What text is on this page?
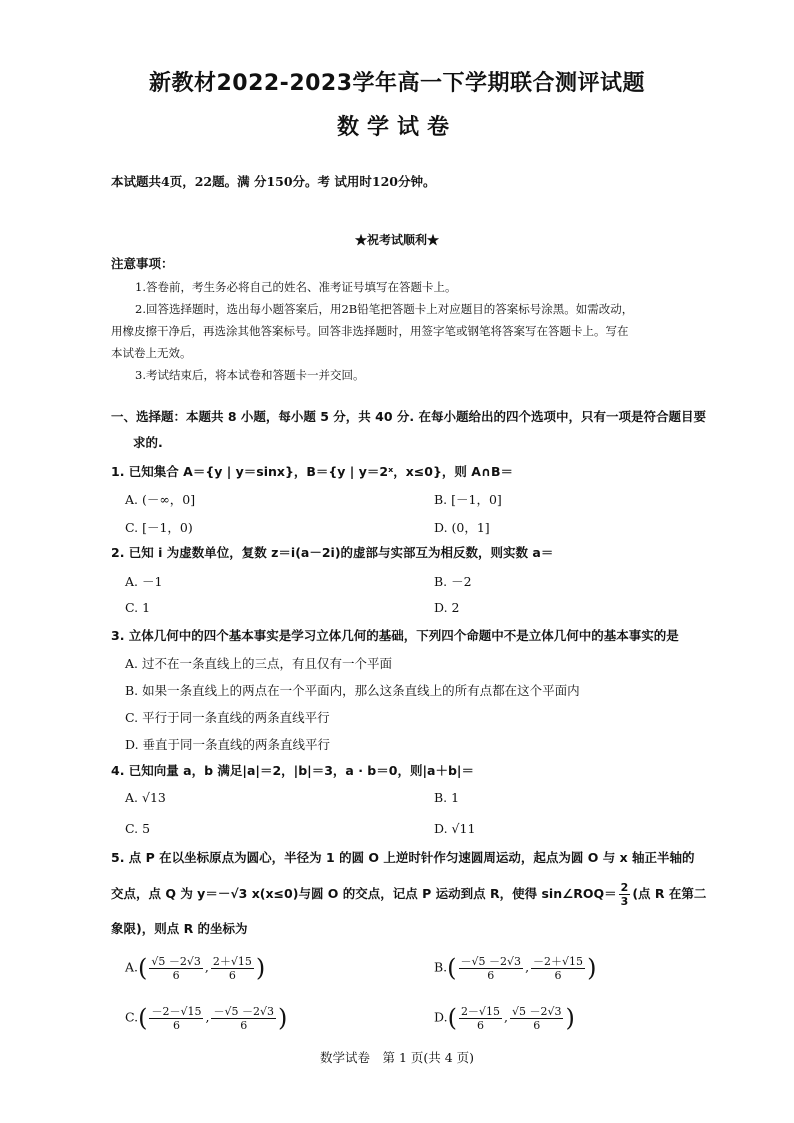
新教材2022-2023学年高一下学期联合测评试题
数学试卷
本试题共4页，22题。满 分150分。考 试用时120分钟。
★祝考试顺利★
注意事项：
1.答卷前，考生务必将自己的姓名、准考证号填写在答题卡上。
2.回答选择题时，选出每小题答案后，用2B铅笔把答题卡上对应题目的答案标号涂黑。如需改动，
用橡皮擦干净后，再选涂其他答案标号。回答非选择题时，用签字笔或钢笔将答案写在答题卡上。写在
本试卷上无效。
3.考试结束后，将本试卷和答题卡一并交回。
一、选择题：本题共 8 小题，每小题 5 分，共 40 分. 在每小题给出的四个选项中，只有一项是符合题目要
求的.
1. 已知集合 A＝{y | y＝sinx}，B＝{y | y＝2ˣ，x≤0}，则 A∩B＝
A. (－∞，0]	B. [－1，0]
C. [－1，0)	D. (0，1]
2. 已知 i 为虚数单位，复数 z＝i(a－2i)的虚部与实部互为相反数，则实数 a＝
A. －1	B. －2
C. 1	D. 2
3. 立体几何中的四个基本事实是学习立体几何的基础，下列四个命题中不是立体几何中的基本事实的是
A. 过不在一条直线上的三点，有且仅有一个平面
B. 如果一条直线上的两点在一个平面内，那么这条直线上的所有点都在这个平面内
C. 平行于同一条直线的两条直线平行
D. 垂直于同一条直线的两条直线平行
4. 已知向量 a，b 满足|a|＝2，|b|＝3，a · b＝0，则|a＋b|＝
A. √13	B. 1
C. 5	D. √11
5. 点 P 在以坐标原点为圆心，半径为 1 的圆 O 上逆时针作匀速圆周运动，起点为圆 O 与 x 轴正半轴的
交点，点 Q 为 y＝－√3 x(x≤0)与圆 O 的交点，记点 P 运动到点 R，使得 sin∠ROQ＝ $\frac{2}{3}$ (点 R 在第二
象限)，则点 R 的坐标为
$A.( \frac{√5 -2√3}{6}$ , $\frac{2+√15}{6}$ )	$B.( \frac{-√5 -2√3}{6}$ , $\frac{-2+√15}{6}$ )
$C.( \frac{-2-√15}{6}$ , $\frac{-√5 -2√3}{6}$ )	$D.( \frac{2-√15}{6}$ , $\frac{√5 -2√3}{6}$ )
数学试卷　第 1 页(共 4 页)
